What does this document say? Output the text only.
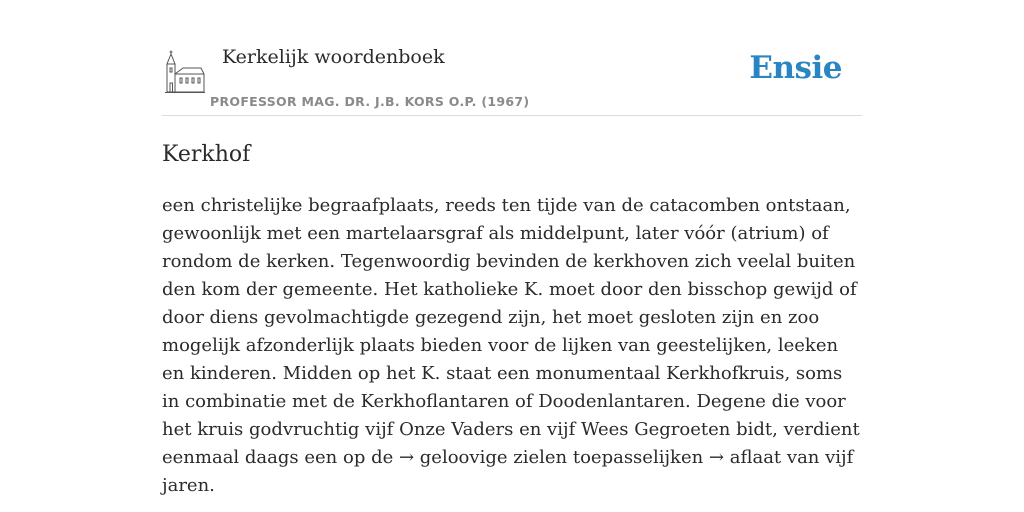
Kerkelijk woordenboek
PROFESSOR MAG. DR. J.B. KORS O.P. (1967)
Ensie
Kerkhof

een christelijke begraafplaats, reeds ten tijde van de catacomben ontstaan, gewoonlijk met een martelaarsgraf als middelpunt, later vóór (atrium) of rondom de kerken. Tegenwoordig bevinden de kerkhoven zich veelal buiten den kom der gemeente. Het katholieke K. moet door den bisschop gewijd of door diens gevolmachtigde gezegend zijn, het moet gesloten zijn en zoo mogelijk afzonderlijk plaats bieden voor de lijken van geestelijken, leeken en kinderen. Midden op het K. staat een monumentaal Kerkhofkruis, soms in combinatie met de Kerkhoflantaren of Doodenlantaren. Degene die voor het kruis godvruchtig vijf Onze Vaders en vijf Wees Gegroeten bidt, verdient eenmaal daags een op de → geloovige zielen toepasselijken → aflaat van vijf jaren.
